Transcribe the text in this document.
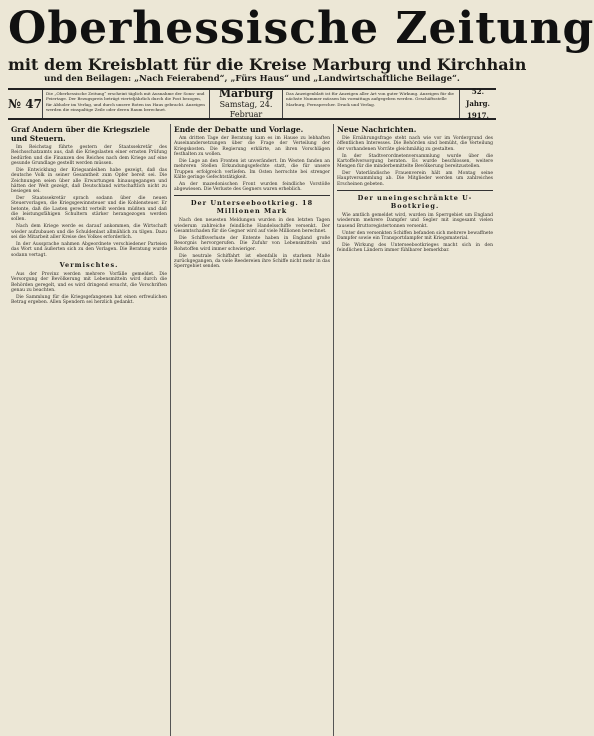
Oberhessische Zeitung
mit dem Kreisblatt für die Kreise Marburg und Kirchhain
und den Beilagen: „Nach Feierabend“, „Fürs Haus“ und „Landwirtschaftliche Beilage“.
№ 47
Die „Oberhessische Zeitung“ erscheint täglich mit Ausnahme der Sonn- und Feiertage. Der Bezugspreis beträgt vierteljährlich durch die Post bezogen, für Abholer im Verlag, und durch unsere Boten ins Haus gebracht. Anzeigen werden die einspaltige Zeile oder deren Raum berechnet.
Marburg
Samstag, 24. Februar
Das Anzeigenblatt ist für Anzeigen aller Art von guter Wirkung. Anzeigen für die nächste Nummer müssen bis vormittags aufgegeben werden. Geschäftsstelle Marburg, Fernsprecher. Druck und Verlag.
52. Jahrg.
1917.
Graf Andern über die Kriegsziele und Steuern.

Im Reichstag führte gestern der Staatssekretär des Reichsschatzamts aus, daß die Kriegslasten einer ernsten Prüfung bedürfen und die Finanzen des Reiches nach dem Kriege auf eine gesunde Grundlage gestellt werden müssen.

Die Entwicklung der Kriegsanleihen habe gezeigt, daß das deutsche Volk in seiner Gesamtheit zum Opfer bereit sei. Die Zeichnungen seien über alle Erwartungen hinausgegangen und hätten der Welt gezeigt, daß Deutschland wirtschaftlich nicht zu besiegen sei.

Der Staatssekretär sprach sodann über die neuen Steuervorlagen, die Kriegsgewinnsteuer und die Kohlensteuer. Er betonte, daß die Lasten gerecht verteilt werden müßten und daß die leistungsfähigen Schultern stärker herangezogen werden sollen.

Nach dem Kriege werde es darauf ankommen, die Wirtschaft wieder aufzubauen und die Schuldenlast allmählich zu tilgen. Dazu sei die Mitarbeit aller Kreise des Volkes erforderlich.

In der Aussprache nahmen Abgeordnete verschiedener Parteien das Wort und äußerten sich zu den Vorlagen. Die Beratung wurde sodann vertagt.

Vermischtes.

Aus der Provinz werden mehrere Vorfälle gemeldet. Die Versorgung der Bevölkerung mit Lebensmitteln wird durch die Behörden geregelt, und es wird dringend ersucht, die Vorschriften genau zu beachten.

Die Sammlung für die Kriegsgefangenen hat einen erfreulichen Betrag ergeben. Allen Spendern sei herzlich gedankt.

Ende der Debatte und Vorlage.

Am dritten Tage der Beratung kam es im Hause zu lebhaften Auseinandersetzungen über die Frage der Verteilung der Kriegskosten. Die Regierung erklärte, an ihren Vorschlägen festhalten zu wollen.

Die Lage an den Fronten ist unverändert. Im Westen fanden an mehreren Stellen Erkundungsgefechte statt, die für unsere Truppen erfolgreich verliefen. Im Osten herrschte bei strenger Kälte geringe Gefechtstätigkeit.

An der mazedonischen Front wurden feindliche Vorstöße abgewiesen. Die Verluste des Gegners waren erheblich.

Der Unterseebootkrieg. 18 Millionen Mark

Nach den neuesten Meldungen wurden in den letzten Tagen wiederum zahlreiche feindliche Handelsschiffe versenkt. Der Gesamtschaden für die Gegner wird auf viele Millionen berechnet.

Die Schiffsverluste der Entente haben in England große Besorgnis hervorgerufen. Die Zufuhr von Lebensmitteln und Rohstoffen wird immer schwieriger.

Die neutrale Schiffahrt ist ebenfalls in starkem Maße zurückgegangen, da viele Reedereien ihre Schiffe nicht mehr in das Sperrgebiet senden.

Neue Nachrichten.

Die Ernährungsfrage steht nach wie vor im Vordergrund des öffentlichen Interesses. Die Behörden sind bemüht, die Verteilung der vorhandenen Vorräte gleichmäßig zu gestalten.

In der Stadtverordnetenversammlung wurde über die Kartoffelversorgung beraten. Es wurde beschlossen, weitere Mengen für die minderbemittelte Bevölkerung bereitzustellen.

Der Vaterländische Frauenverein hält am Montag seine Hauptversammlung ab. Die Mitglieder werden um zahlreiches Erscheinen gebeten.

Der uneingeschränkte U-Bootkrieg.

Wie amtlich gemeldet wird, wurden im Sperrgebiet um England wiederum mehrere Dampfer und Segler mit insgesamt vielen tausend Bruttoregistertonnen versenkt.

Unter den versenkten Schiffen befanden sich mehrere bewaffnete Dampfer sowie ein Transportdampfer mit Kriegsmaterial.

Die Wirkung des Unterseebootkrieges macht sich in den feindlichen Ländern immer fühlbarer bemerkbar.
